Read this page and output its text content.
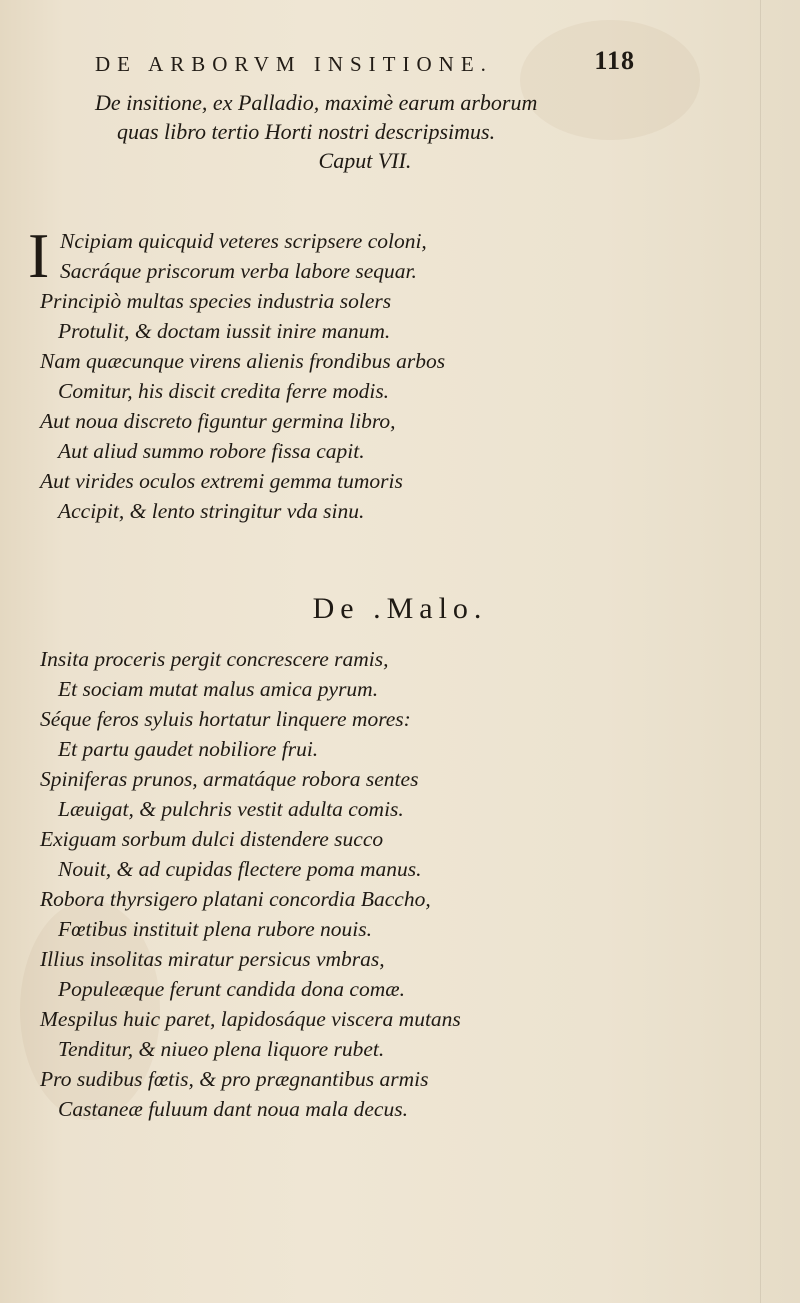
DE ARBORVM INSITIONE.	118
De insitione, ex Palladio, maximè earum arborum
quas libro tertio Horti nostri descripsimus.
Caput VII.
I Ncipiam quicquid veteres scripsere coloni,
Sacráque priscorum verba labore sequar.
Principiò multas species industria solers
Protulit, & doctam iussit inire manum.
Nam quæcunque virens alienis frondibus arbos
Comitur, his discit credita ferre modis.
Aut noua discreto figuntur germina libro,
Aut aliud summo robore fissa capit.
Aut virides oculos extremi gemma tumoris
Accipit, & lento stringitur vda sinu.
De .Malo.
Insita proceris pergit concrescere ramis,
Et sociam mutat malus amica pyrum.
Séque feros syluis hortatur linquere mores:
Et partu gaudet nobiliore frui.
Spiniferas prunos, armatáque robora sentes
Læuigat, & pulchris vestit adulta comis.
Exiguam sorbum dulci distendere succo
Nouit, & ad cupidas flectere poma manus.
Robora thyrsigero platani concordia Baccho,
Fœtibus instituit plena rubore nouis.
Illius insolitas miratur persicus vmbras,
Populeæque ferunt candida dona comæ.
Mespilus huic paret, lapidosáque viscera mutans
Tenditur, & niueo plena liquore rubet.
Pro sudibus fœtis, & pro prægnantibus armis
Castaneæ fuluum dant noua mala decus.
